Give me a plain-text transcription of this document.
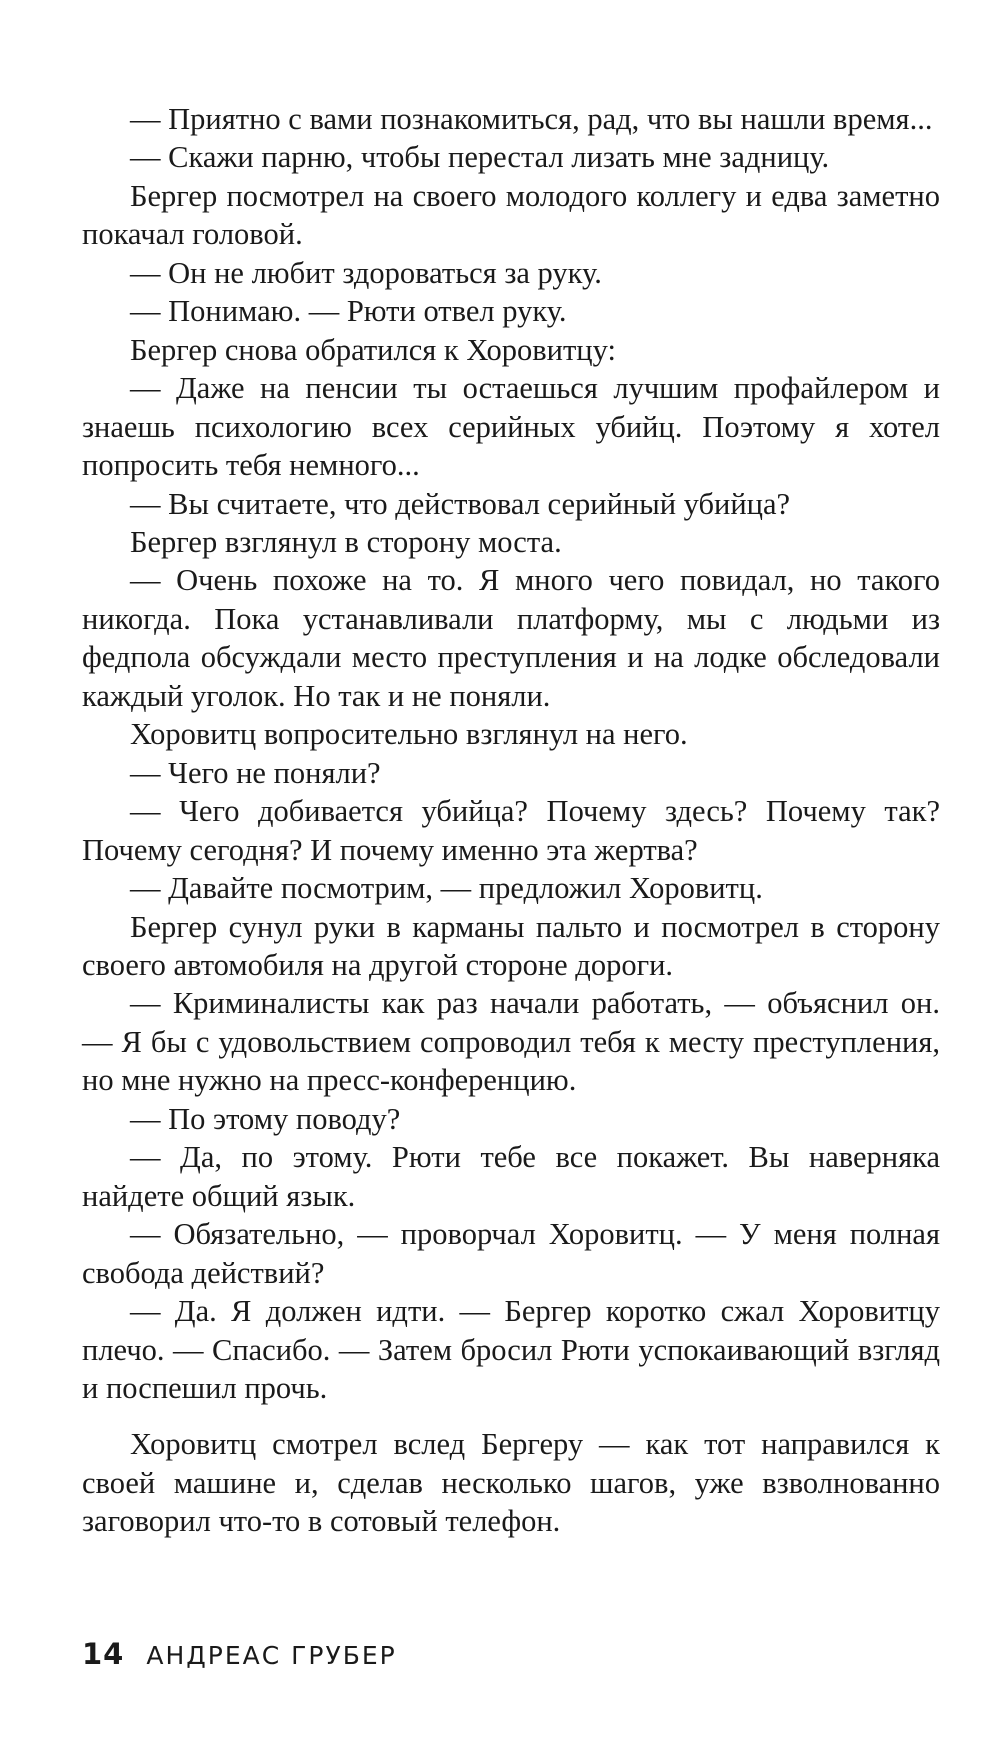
— Приятно с вами познакомиться, рад, что вы нашли время...

— Скажи парню, чтобы перестал лизать мне задницу.

Бергер посмотрел на своего молодого коллегу и едва заметно покачал головой.

— Он не любит здороваться за руку.

— Понимаю. — Рюти отвел руку.

Бергер снова обратился к Хоровитцу:

— Даже на пенсии ты остаешься лучшим профайлером и знаешь психологию всех серийных убийц. Поэтому я хотел попросить тебя немного...

— Вы считаете, что действовал серийный убийца?

Бергер взглянул в сторону моста.

— Очень похоже на то. Я много чего повидал, но такого никогда. Пока устанавливали платформу, мы с людьми из федпола обсуждали место преступления и на лодке обследовали каждый уголок. Но так и не поняли.

Хоровитц вопросительно взглянул на него.

— Чего не поняли?

— Чего добивается убийца? Почему здесь? Почему так? Почему сегодня? И почему именно эта жертва?

— Давайте посмотрим, — предложил Хоровитц.

Бергер сунул руки в карманы пальто и посмотрел в сторону своего автомобиля на другой стороне дороги.

— Криминалисты как раз начали работать, — объяснил он. — Я бы с удовольствием сопроводил тебя к месту преступления, но мне нужно на пресс-конференцию.

— По этому поводу?

— Да, по этому. Рюти тебе все покажет. Вы наверняка найдете общий язык.

— Обязательно, — проворчал Хоровитц. — У меня полная свобода действий?

— Да. Я должен идти. — Бергер коротко сжал Хоровитцу плечо. — Спасибо. — Затем бросил Рюти успокаивающий взгляд и поспешил прочь.

Хоровитц смотрел вслед Бергеру — как тот направился к своей машине и, сделав несколько шагов, уже взволнованно заговорил что-то в сотовый телефон.

14 АНДРЕАС ГРУБЕР
